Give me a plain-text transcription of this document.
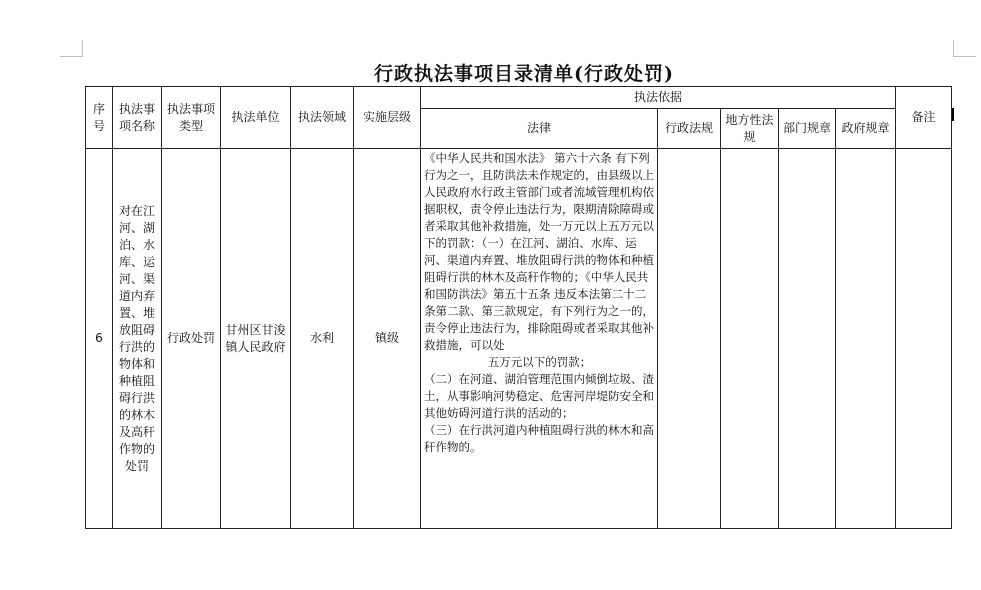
行政执法事项目录清单(行政处罚)
序号	执法事项名称	执法事项类型	执法单位	执法领域	实施层级	执法依据					备注
						法律	行政法规	地方性法规	部门规章	政府规章	
6	对在江河、湖泊、水库、运河、渠道内弃置、堆放阻碍行洪的物体和种植阻碍行洪的林木及高秆作物的处罚	行政处罚	甘州区甘浚镇人民政府	水利	镇级	《中华人民共和国水法》 第六十六条 有下列行为之一，且防洪法未作规定的，由县级以上人民政府水行政主管部门或者流域管理机构依据职权，责令停止违法行为，限期清除障碍或者采取其他补救措施，处一万元以上五万元以下的罚款：（一）在江河、湖泊、水库、运河、渠道内弃置、堆放阻碍行洪的物体和种植阻碍行洪的林木及高秆作物的；《中华人民共和国防洪法》第五十五条 违反本法第二十二条第二款、第三款规定，有下列行为之一的，责令停止违法行为，排除阻碍或者采取其他补救措施，可以处
五万元以下的罚款；
（二）在河道、湖泊管理范围内倾倒垃圾、渣土，从事影响河势稳定、危害河岸堤防安全和其他妨碍河道行洪的活动的；
（三）在行洪河道内种植阻碍行洪的林木和高秆作物的。					
